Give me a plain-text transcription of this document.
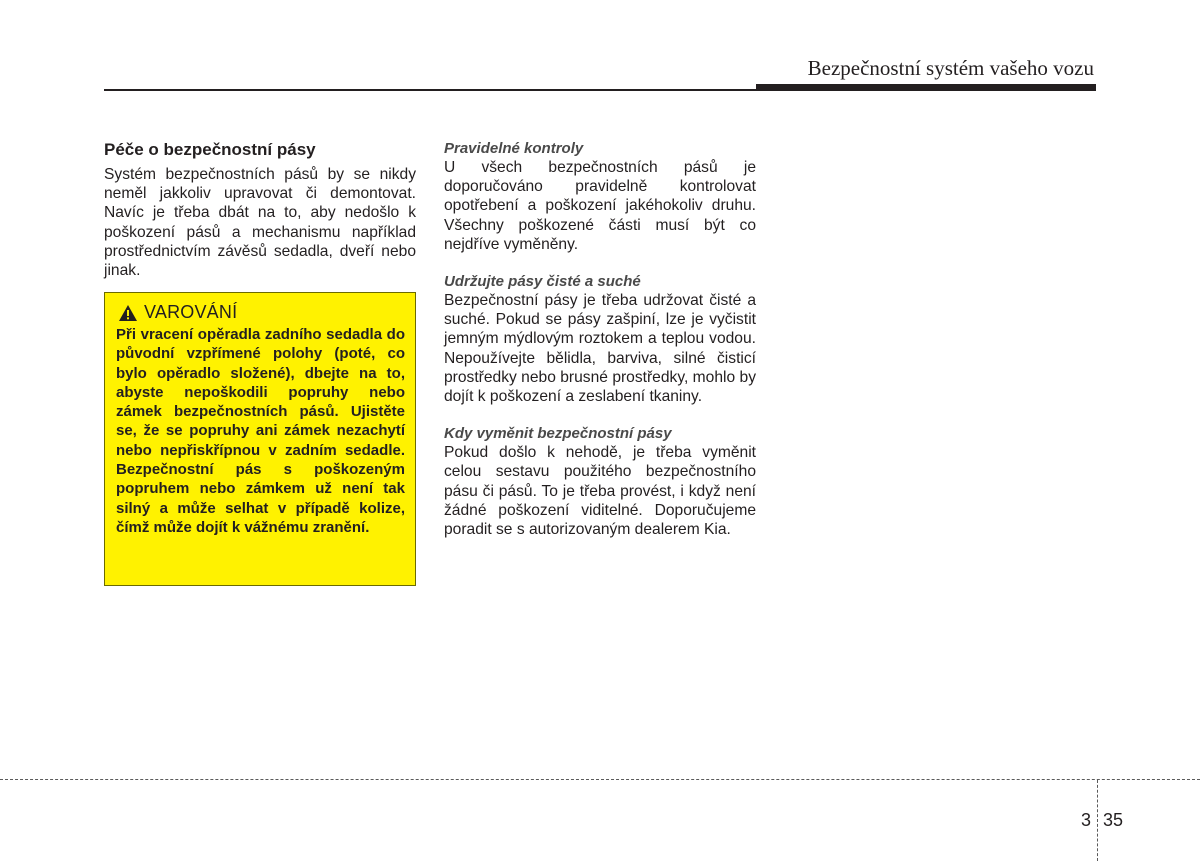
Bezpečnostní systém vašeho vozu
Péče o bezpečnostní pásy

Systém bezpečnostních pásů by se nikdy neměl jakkoliv upravovat či demontovat. Navíc je třeba dbát na to, aby nedošlo k poškození pásů a mechanismu například prostřednictvím závěsů sedadla, dveří nebo jinak.

VAROVÁNÍ

Při vracení opěradla zadního sedadla do původní vzpřímené polohy (poté, co bylo opěradlo složené), dbejte na to, abyste nepoškodili popruhy nebo zámek bezpečnostních pásů. Ujistěte se, že se popruhy ani zámek nezachytí nebo nepřiskřípnou v zadním sedadle. Bezpečnostní pás s poškozeným popruhem nebo zámkem už není tak silný a může selhat v případě kolize, čímž může dojít k vážnému zranění.

Pravidelné kontroly

U všech bezpečnostních pásů je doporučováno pravidelně kontrolovat opotřebení a poškození jakéhokoliv druhu. Všechny poškozené části musí být co nejdříve vyměněny.

Udržujte pásy čisté a suché

Bezpečnostní pásy je třeba udržovat čisté a suché. Pokud se pásy zašpiní, lze je vyčistit jemným mýdlovým roztokem a teplou vodou. Nepoužívejte bělidla, barviva, silné čisticí prostředky nebo brusné prostředky, mohlo by dojít k poškození a zeslabení tkaniny.

Kdy vyměnit bezpečnostní pásy

Pokud došlo k nehodě, je třeba vyměnit celou sestavu použitého bezpečnostního pásu či pásů. To je třeba provést, i když není žádné poškození viditelné. Doporučujeme poradit se s autorizovaným dealerem Kia.

3 35
